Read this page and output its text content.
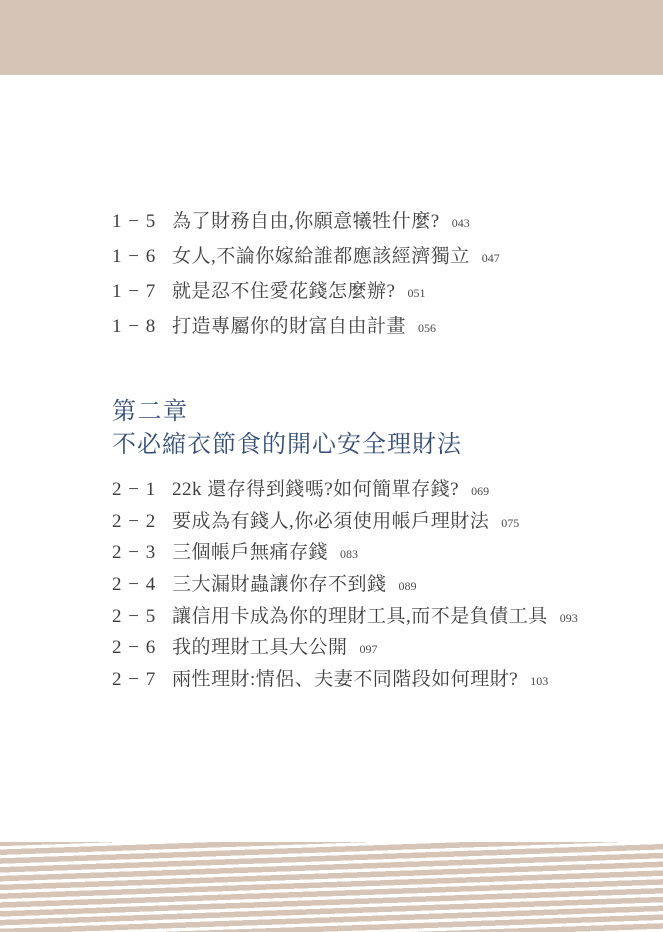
1 − 5 為了財務自由,你願意犧牲什麼? 043
1 − 6 女人,不論你嫁給誰都應該經濟獨立 047
1 − 7 就是忍不住愛花錢怎麼辦? 051
1 − 8 打造專屬你的財富自由計畫 056
第二章
不必縮衣節食的開心安全理財法
2 − 1 22k 還存得到錢嗎?如何簡單存錢? 069
2 − 2 要成為有錢人,你必須使用帳戶理財法 075
2 − 3 三個帳戶無痛存錢 083
2 − 4 三大漏財蟲讓你存不到錢 089
2 − 5 讓信用卡成為你的理財工具,而不是負債工具 093
2 − 6 我的理財工具大公開 097
2 − 7 兩性理財:情侶、夫妻不同階段如何理財? 103
